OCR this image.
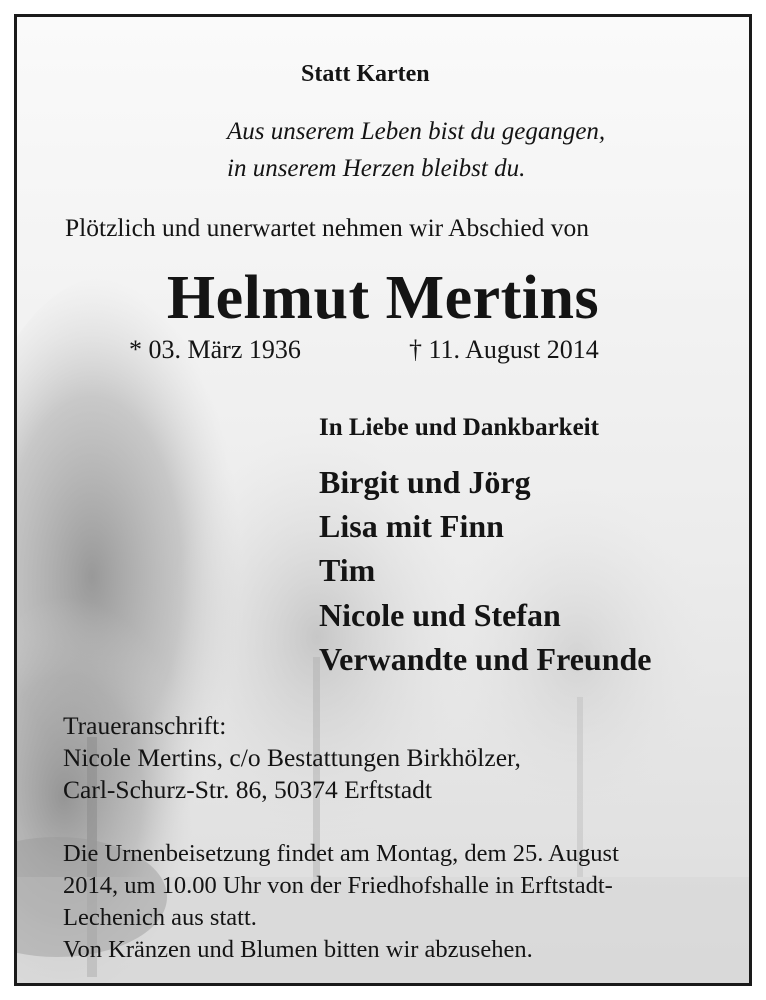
Statt Karten
Aus unserem Leben bist du gegangen,
in unserem Herzen bleibst du.
Plötzlich und unerwartet nehmen wir Abschied von
Helmut Mertins
* 03. März 1936	† 11. August 2014
In Liebe und Dankbarkeit
Birgit und Jörg
Lisa mit Finn
Tim
Nicole und Stefan
Verwandte und Freunde
Traueranschrift:
Nicole Mertins, c/o Bestattungen Birkhölzer,
Carl-Schurz-Str. 86, 50374 Erftstadt
Die Urnenbeisetzung findet am Montag, dem 25. August
2014, um 10.00 Uhr von der Friedhofshalle in Erftstadt-
Lechenich aus statt.
Von Kränzen und Blumen bitten wir abzusehen.
